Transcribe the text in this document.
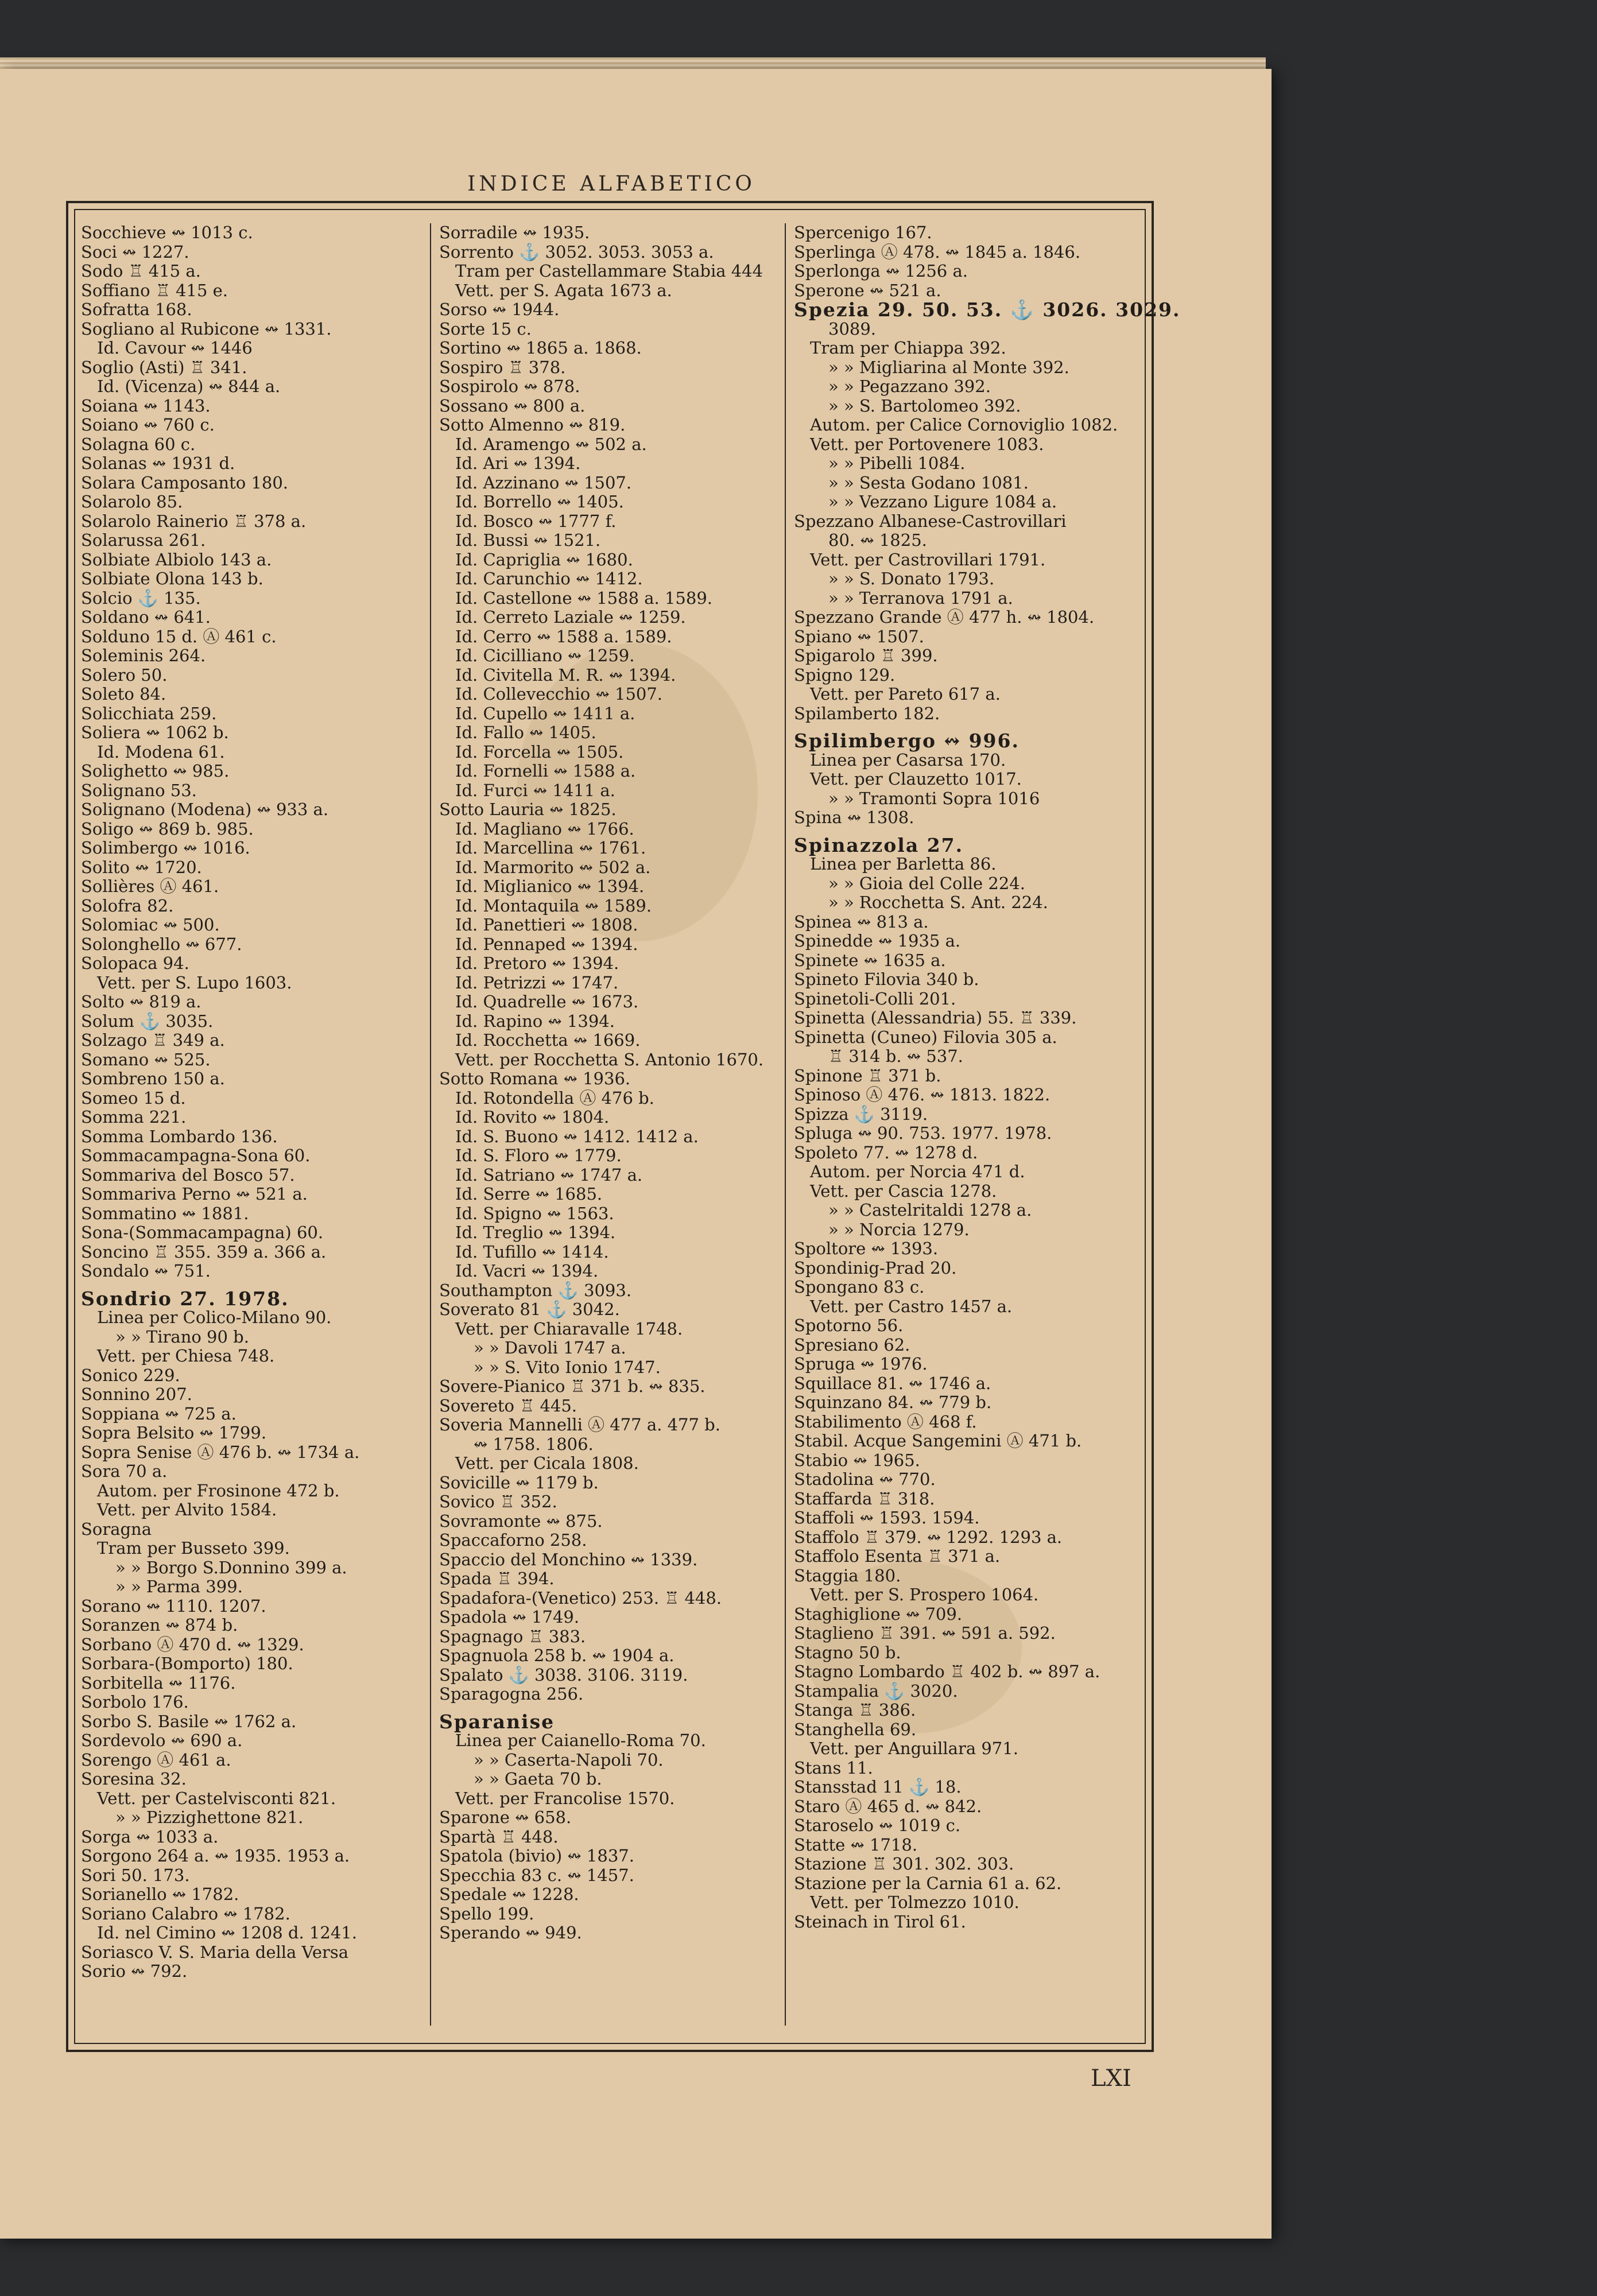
INDICE ALFABETICO
Socchieve ↭ 1013 c.
Soci ↭ 1227.
Sodo ♖ 415 a.
Soffiano ♖ 415 e.
Sofratta 168.
Sogliano al Rubicone ↭ 1331.
Id. Cavour ↭ 1446
Soglio (Asti) ♖ 341.
Id. (Vicenza) ↭ 844 a.
Soiana ↭ 1143.
Soiano ↭ 760 c.
Solagna 60 c.
Solanas ↭ 1931 d.
Solara Camposanto 180.
Solarolo 85.
Solarolo Rainerio ♖ 378 a.
Solarussa 261.
Solbiate Albiolo 143 a.
Solbiate Olona 143 b.
Solcio ⚓ 135.
Soldano ↭ 641.
Solduno 15 d. Ⓐ 461 c.
Soleminis 264.
Solero 50.
Soleto 84.
Solicchiata 259.
Soliera ↭ 1062 b.
Id. Modena 61.
Solighetto ↭ 985.
Solignano 53.
Solignano (Modena) ↭ 933 a.
Soligo ↭ 869 b. 985.
Solimbergo ↭ 1016.
Solito ↭ 1720.
Sollières Ⓐ 461.
Solofra 82.
Solomiac ↭ 500.
Solonghello ↭ 677.
Solopaca 94.
Vett. per S. Lupo 1603.
Solto ↭ 819 a.
Solum ⚓ 3035.
Solzago ♖ 349 a.
Somano ↭ 525.
Sombreno 150 a.
Someo 15 d.
Somma 221.
Somma Lombardo 136.
Sommacampagna-Sona 60.
Sommariva del Bosco 57.
Sommariva Perno ↭ 521 a.
Sommatino ↭ 1881.
Sona-(Sommacampagna) 60.
Soncino ♖ 355. 359 a. 366 a.
Sondalo ↭ 751.
Sondrio 27. 1978.
Linea per Colico-Milano 90.
» » Tirano 90 b.
Vett. per Chiesa 748.
Sonico 229.
Sonnino 207.
Soppiana ↭ 725 a.
Sopra Belsito ↭ 1799.
Sopra Senise Ⓐ 476 b. ↭ 1734 a.
Sora 70 a.
Autom. per Frosinone 472 b.
Vett. per Alvito 1584.
Soragna
Tram per Busseto 399.
» » Borgo S.Donnino 399 a.
» » Parma 399.
Sorano ↭ 1110. 1207.
Soranzen ↭ 874 b.
Sorbano Ⓐ 470 d. ↭ 1329.
Sorbara-(Bomporto) 180.
Sorbitella ↭ 1176.
Sorbolo 176.
Sorbo S. Basile ↭ 1762 a.
Sordevolo ↭ 690 a.
Sorengo Ⓐ 461 a.
Soresina 32.
Vett. per Castelvisconti 821.
» » Pizzighettone 821.
Sorga ↭ 1033 a.
Sorgono 264 a. ↭ 1935. 1953 a.
Sori 50. 173.
Sorianello ↭ 1782.
Soriano Calabro ↭ 1782.
Id. nel Cimino ↭ 1208 d. 1241.
Soriasco V. S. Maria della Versa
Sorio ↭ 792.
Sorradile ↭ 1935.
Sorrento ⚓ 3052. 3053. 3053 a.
Tram per Castellammare Stabia 444
Vett. per S. Agata 1673 a.
Sorso ↭ 1944.
Sorte 15 c.
Sortino ↭ 1865 a. 1868.
Sospiro ♖ 378.
Sospirolo ↭ 878.
Sossano ↭ 800 a.
Sotto Almenno ↭ 819.
Id. Aramengo ↭ 502 a.
Id. Ari ↭ 1394.
Id. Azzinano ↭ 1507.
Id. Borrello ↭ 1405.
Id. Bosco ↭ 1777 f.
Id. Bussi ↭ 1521.
Id. Capriglia ↭ 1680.
Id. Carunchio ↭ 1412.
Id. Castellone ↭ 1588 a. 1589.
Id. Cerreto Laziale ↭ 1259.
Id. Cerro ↭ 1588 a. 1589.
Id. Cicilliano ↭ 1259.
Id. Civitella M. R. ↭ 1394.
Id. Collevecchio ↭ 1507.
Id. Cupello ↭ 1411 a.
Id. Fallo ↭ 1405.
Id. Forcella ↭ 1505.
Id. Fornelli ↭ 1588 a.
Id. Furci ↭ 1411 a.
Sotto Lauria ↭ 1825.
Id. Magliano ↭ 1766.
Id. Marcellina ↭ 1761.
Id. Marmorito ↭ 502 a.
Id. Miglianico ↭ 1394.
Id. Montaquila ↭ 1589.
Id. Panettieri ↭ 1808.
Id. Pennaped ↭ 1394.
Id. Pretoro ↭ 1394.
Id. Petrizzi ↭ 1747.
Id. Quadrelle ↭ 1673.
Id. Rapino ↭ 1394.
Id. Rocchetta ↭ 1669.
Vett. per Rocchetta S. Antonio 1670.
Sotto Romana ↭ 1936.
Id. Rotondella Ⓐ 476 b.
Id. Rovito ↭ 1804.
Id. S. Buono ↭ 1412. 1412 a.
Id. S. Floro ↭ 1779.
Id. Satriano ↭ 1747 a.
Id. Serre ↭ 1685.
Id. Spigno ↭ 1563.
Id. Treglio ↭ 1394.
Id. Tufillo ↭ 1414.
Id. Vacri ↭ 1394.
Southampton ⚓ 3093.
Soverato 81 ⚓ 3042.
Vett. per Chiaravalle 1748.
» » Davoli 1747 a.
» » S. Vito Ionio 1747.
Sovere-Pianico ♖ 371 b. ↭ 835.
Sovereto ♖ 445.
Soveria Mannelli Ⓐ 477 a. 477 b.
↭ 1758. 1806.
Vett. per Cicala 1808.
Sovicille ↭ 1179 b.
Sovico ♖ 352.
Sovramonte ↭ 875.
Spaccaforno 258.
Spaccio del Monchino ↭ 1339.
Spada ♖ 394.
Spadafora-(Venetico) 253. ♖ 448.
Spadola ↭ 1749.
Spagnago ♖ 383.
Spagnuola 258 b. ↭ 1904 a.
Spalato ⚓ 3038. 3106. 3119.
Sparagogna 256.
Sparanise
Linea per Caianello-Roma 70.
» » Caserta-Napoli 70.
» » Gaeta 70 b.
Vett. per Francolise 1570.
Sparone ↭ 658.
Spartà ♖ 448.
Spatola (bivio) ↭ 1837.
Specchia 83 c. ↭ 1457.
Spedale ↭ 1228.
Spello 199.
Sperando ↭ 949.
Spercenigo 167.
Sperlinga Ⓐ 478. ↭ 1845 a. 1846.
Sperlonga ↭ 1256 a.
Sperone ↭ 521 a.
Spezia 29. 50. 53. ⚓ 3026. 3029.
3089.
Tram per Chiappa 392.
» » Migliarina al Monte 392.
» » Pegazzano 392.
» » S. Bartolomeo 392.
Autom. per Calice Cornoviglio 1082.
Vett. per Portovenere 1083.
» » Pibelli 1084.
» » Sesta Godano 1081.
» » Vezzano Ligure 1084 a.
Spezzano Albanese-Castrovillari
80. ↭ 1825.
Vett. per Castrovillari 1791.
» » S. Donato 1793.
» » Terranova 1791 a.
Spezzano Grande Ⓐ 477 h. ↭ 1804.
Spiano ↭ 1507.
Spigarolo ♖ 399.
Spigno 129.
Vett. per Pareto 617 a.
Spilamberto 182.
Spilimbergo ↭ 996.
Linea per Casarsa 170.
Vett. per Clauzetto 1017.
» » Tramonti Sopra 1016
Spina ↭ 1308.
Spinazzola 27.
Linea per Barletta 86.
» » Gioia del Colle 224.
» » Rocchetta S. Ant. 224.
Spinea ↭ 813 a.
Spinedde ↭ 1935 a.
Spinete ↭ 1635 a.
Spineto Filovia 340 b.
Spinetoli-Colli 201.
Spinetta (Alessandria) 55. ♖ 339.
Spinetta (Cuneo) Filovia 305 a.
♖ 314 b. ↭ 537.
Spinone ♖ 371 b.
Spinoso Ⓐ 476. ↭ 1813. 1822.
Spizza ⚓ 3119.
Spluga ↭ 90. 753. 1977. 1978.
Spoleto 77. ↭ 1278 d.
Autom. per Norcia 471 d.
Vett. per Cascia 1278.
» » Castelritaldi 1278 a.
» » Norcia 1279.
Spoltore ↭ 1393.
Spondinig-Prad 20.
Spongano 83 c.
Vett. per Castro 1457 a.
Spotorno 56.
Spresiano 62.
Spruga ↭ 1976.
Squillace 81. ↭ 1746 a.
Squinzano 84. ↭ 779 b.
Stabilimento Ⓐ 468 f.
Stabil. Acque Sangemini Ⓐ 471 b.
Stabio ↭ 1965.
Stadolina ↭ 770.
Staffarda ♖ 318.
Staffoli ↭ 1593. 1594.
Staffolo ♖ 379. ↭ 1292. 1293 a.
Staffolo Esenta ♖ 371 a.
Staggia 180.
Vett. per S. Prospero 1064.
Staghiglione ↭ 709.
Staglieno ♖ 391. ↭ 591 a. 592.
Stagno 50 b.
Stagno Lombardo ♖ 402 b. ↭ 897 a.
Stampalia ⚓ 3020.
Stanga ♖ 386.
Stanghella 69.
Vett. per Anguillara 971.
Stans 11.
Stansstad 11 ⚓ 18.
Staro Ⓐ 465 d. ↭ 842.
Staroselo ↭ 1019 c.
Statte ↭ 1718.
Stazione ♖ 301. 302. 303.
Stazione per la Carnia 61 a. 62.
Vett. per Tolmezzo 1010.
Steinach in Tirol 61.
LXI
